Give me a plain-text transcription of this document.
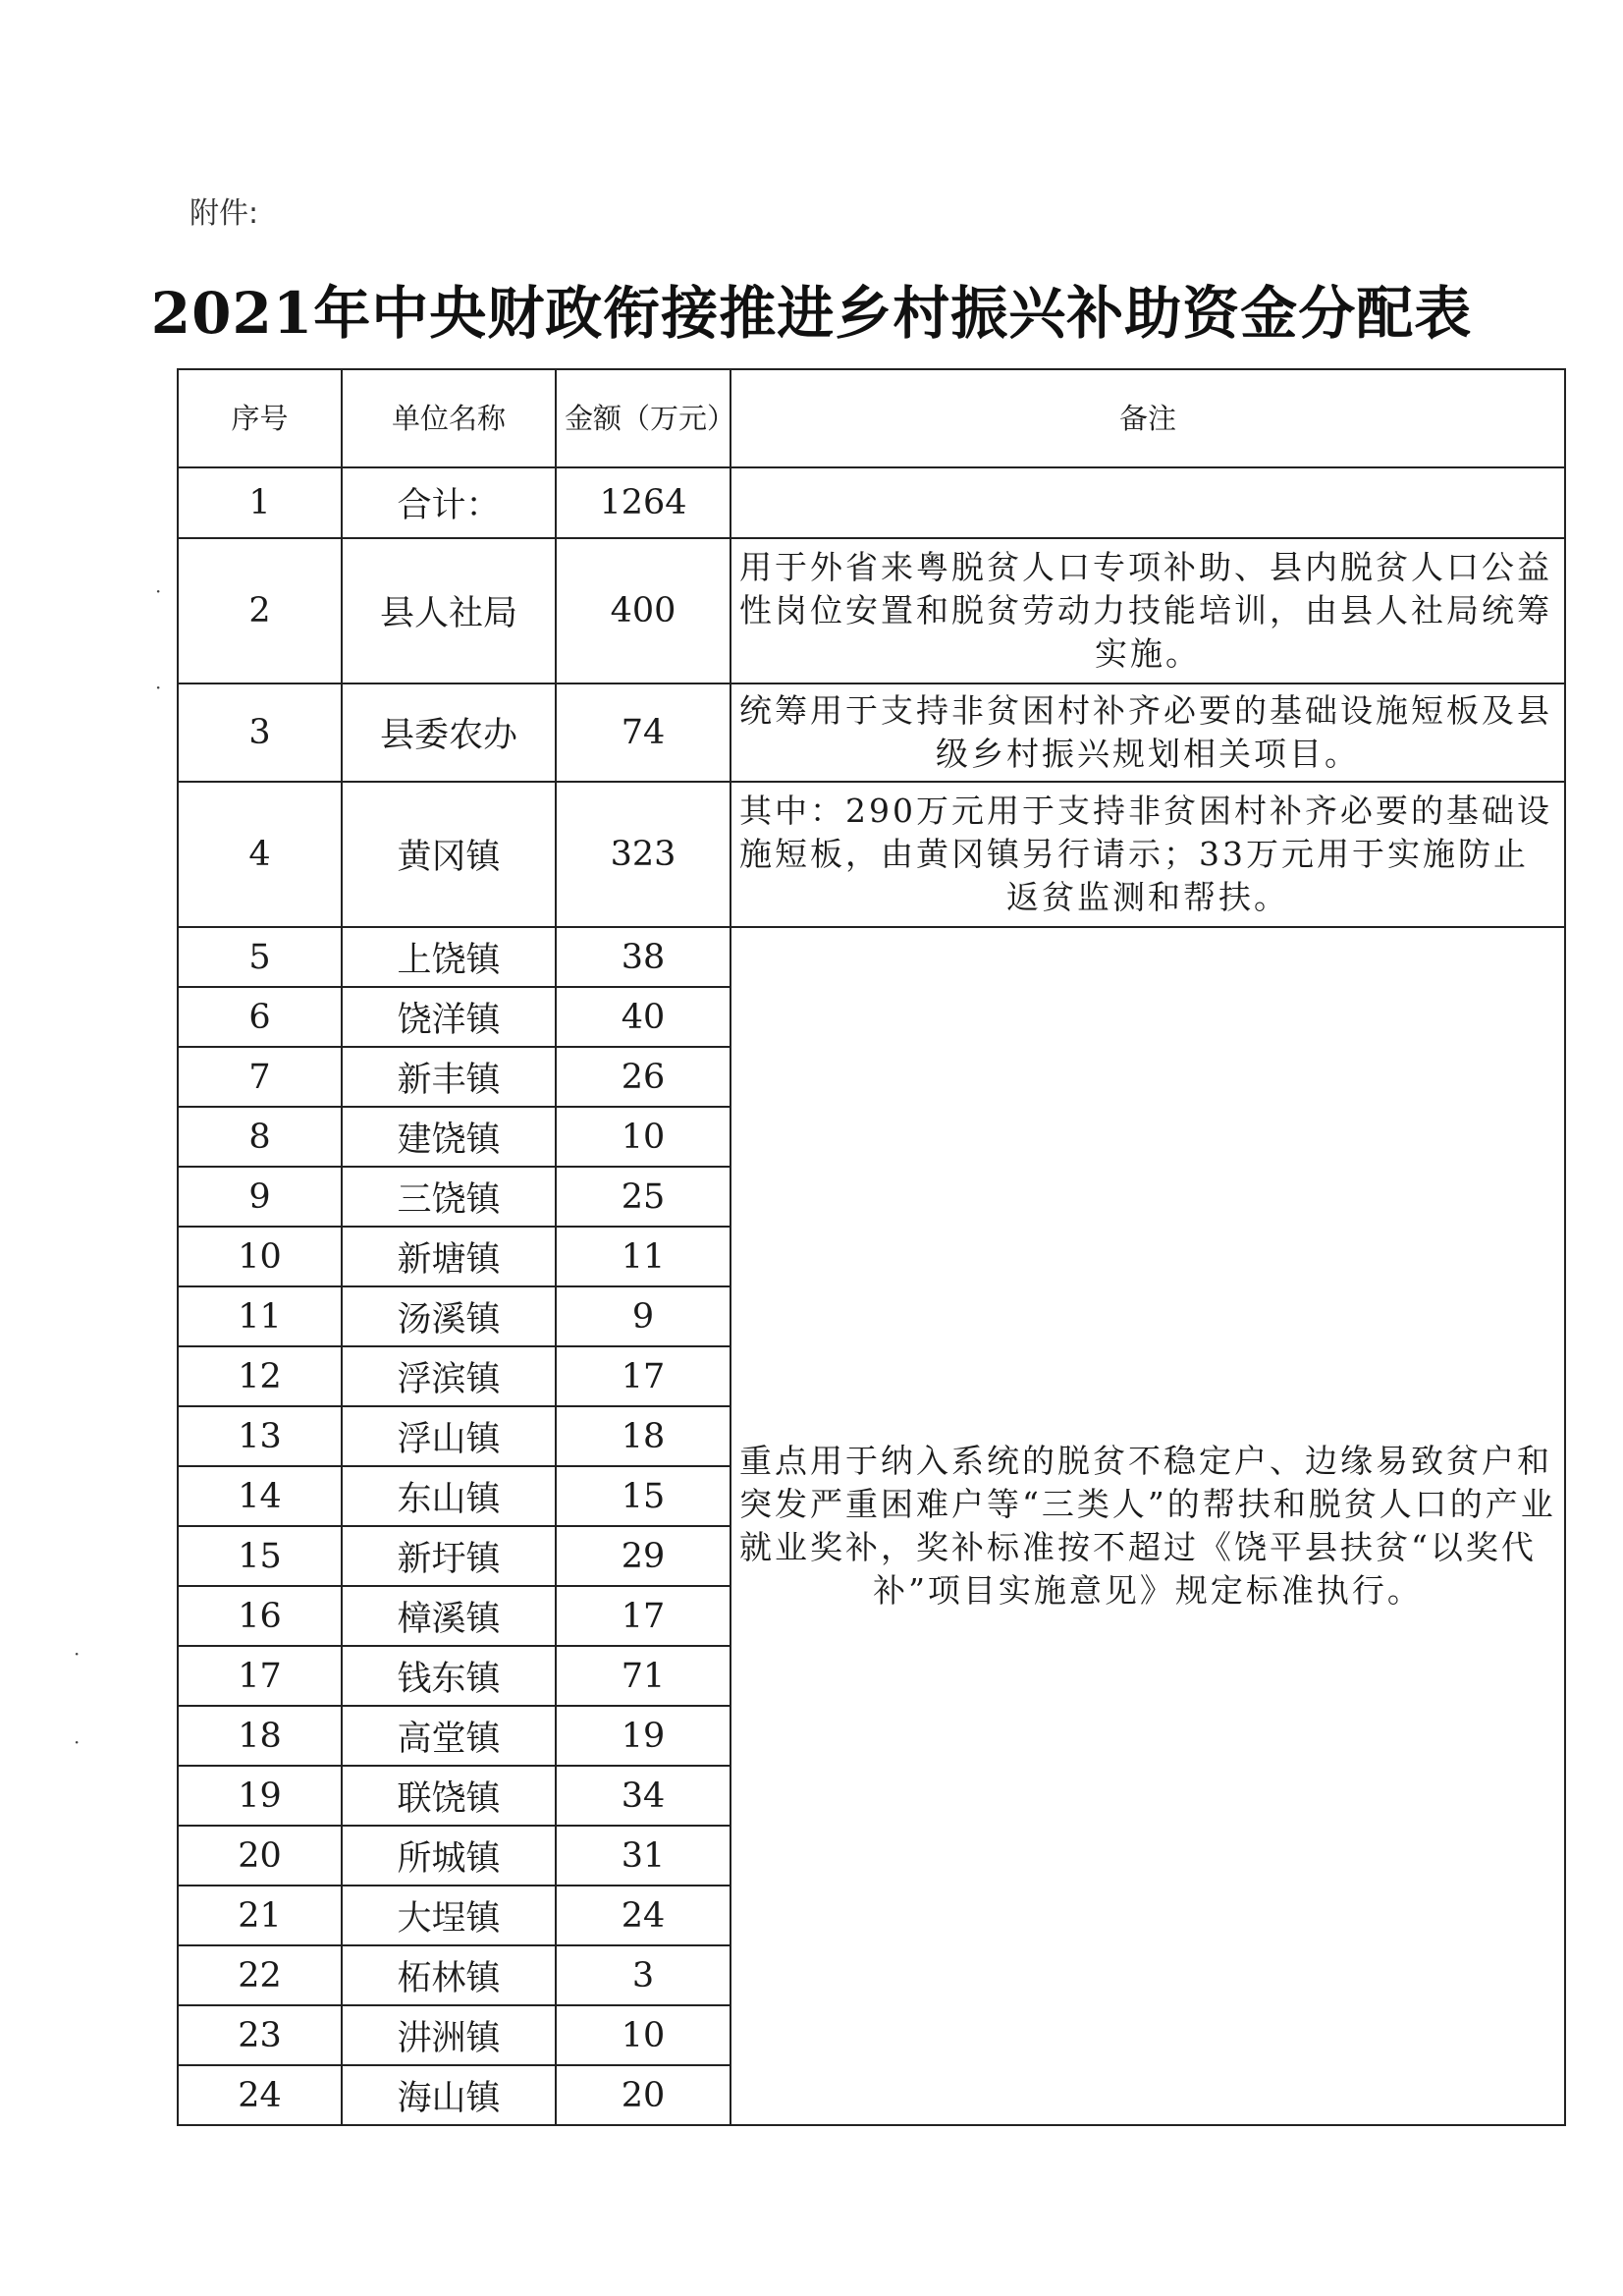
附件:
2021年中央财政衔接推进乡村振兴补助资金分配表
序号	单位名称	金额（万元）	备注
1	合计：	1264	
2	县人社局	400	用于外省来粤脱贫人口专项补助、县内脱贫人口公益性岗位安置和脱贫劳动力技能培训，由县人社局统筹实施。
3	县委农办	74	统筹用于支持非贫困村补齐必要的基础设施短板及县级乡村振兴规划相关项目。
4	黄冈镇	323	其中：290万元用于支持非贫困村补齐必要的基础设施短板，由黄冈镇另行请示；33万元用于实施防止返贫监测和帮扶。
5	上饶镇	38	重点用于纳入系统的脱贫不稳定户、边缘易致贫户和突发严重困难户等“三类人”的帮扶和脱贫人口的产业就业奖补，奖补标准按不超过《饶平县扶贫“以奖代补”项目实施意见》规定标准执行。
6	饶洋镇	40	
7	新丰镇	26	
8	建饶镇	10	
9	三饶镇	25	
10	新塘镇	11	
11	汤溪镇	9	
12	浮滨镇	17	
13	浮山镇	18	
14	东山镇	15	
15	新圩镇	29	
16	樟溪镇	17	
17	钱东镇	71	
18	高堂镇	19	
19	联饶镇	34	
20	所城镇	31	
21	大埕镇	24	
22	柘林镇	3	
23	汫洲镇	10	
24	海山镇	20	
·
·
·
·
